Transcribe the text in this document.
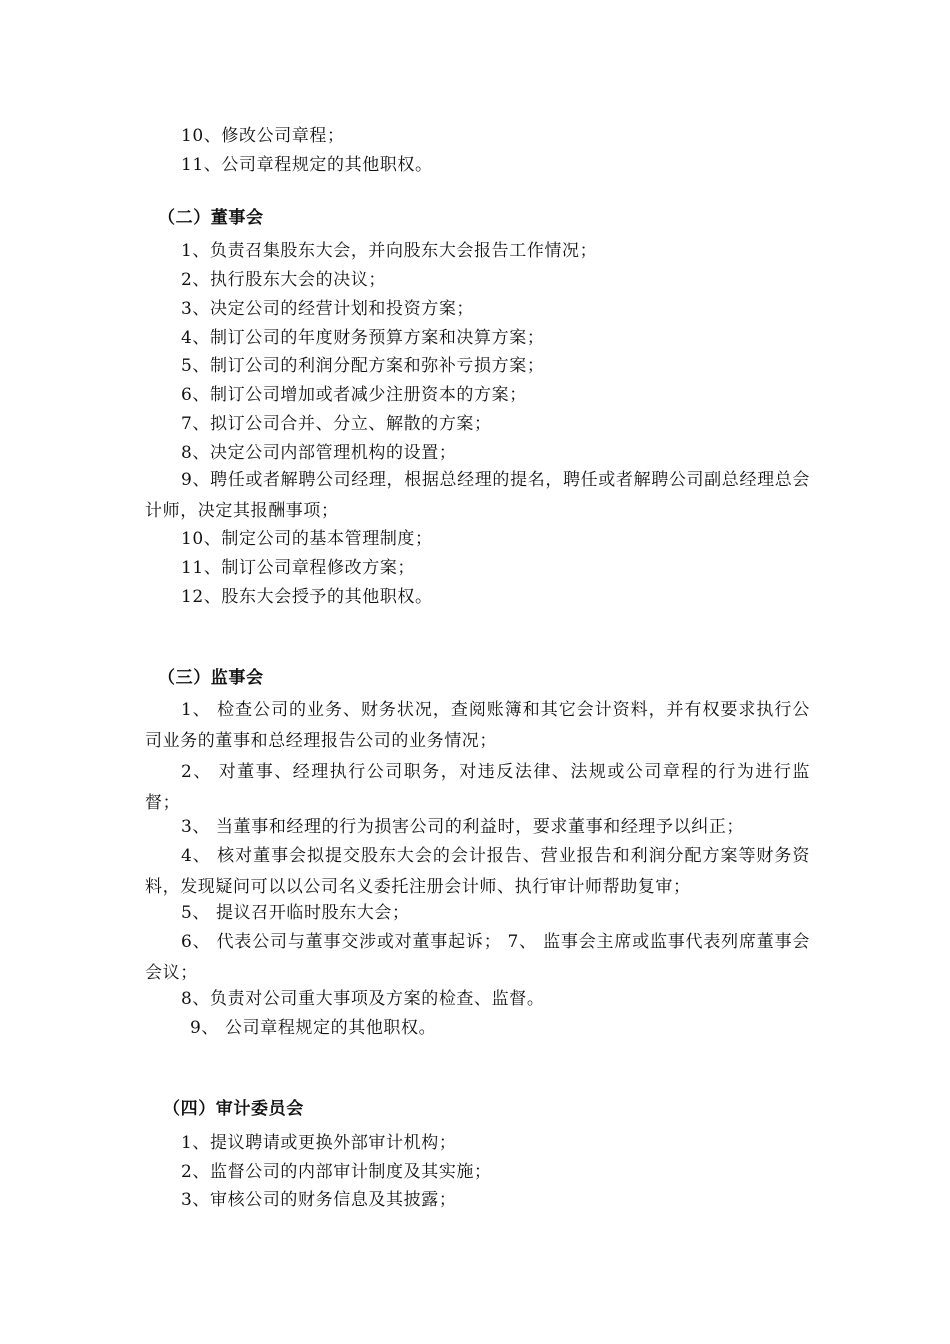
10、修改公司章程；
11、公司章程规定的其他职权。
（二）董事会
1、负责召集股东大会，并向股东大会报告工作情况；
2、执行股东大会的决议；
3、决定公司的经营计划和投资方案；
4、制订公司的年度财务预算方案和决算方案；
5、制订公司的利润分配方案和弥补亏损方案；
6、制订公司增加或者减少注册资本的方案；
7、拟订公司合并、分立、解散的方案；
8、决定公司内部管理机构的设置；
9、聘任或者解聘公司经理，根据总经理的提名，聘任或者解聘公司副总经理总会计师，决定其报酬事项；
10、制定公司的基本管理制度；
11、制订公司章程修改方案；
12、股东大会授予的其他职权。
（三）监事会
1、 检查公司的业务、财务状况，查阅账簿和其它会计资料，并有权要求执行公司业务的董事和总经理报告公司的业务情况；
2、 对董事、经理执行公司职务，对违反法律、法规或公司章程的行为进行监督；
3、 当董事和经理的行为损害公司的利益时，要求董事和经理予以纠正；
4、 核对董事会拟提交股东大会的会计报告、营业报告和利润分配方案等财务资料，发现疑问可以以公司名义委托注册会计师、执行审计师帮助复审；
5、 提议召开临时股东大会；
6、 代表公司与董事交涉或对董事起诉； 7、 监事会主席或监事代表列席董事会会议；
8、负责对公司重大事项及方案的检查、监督。
9、 公司章程规定的其他职权。
（四）审计委员会
1、提议聘请或更换外部审计机构；
2、监督公司的内部审计制度及其实施；
3、审核公司的财务信息及其披露；
